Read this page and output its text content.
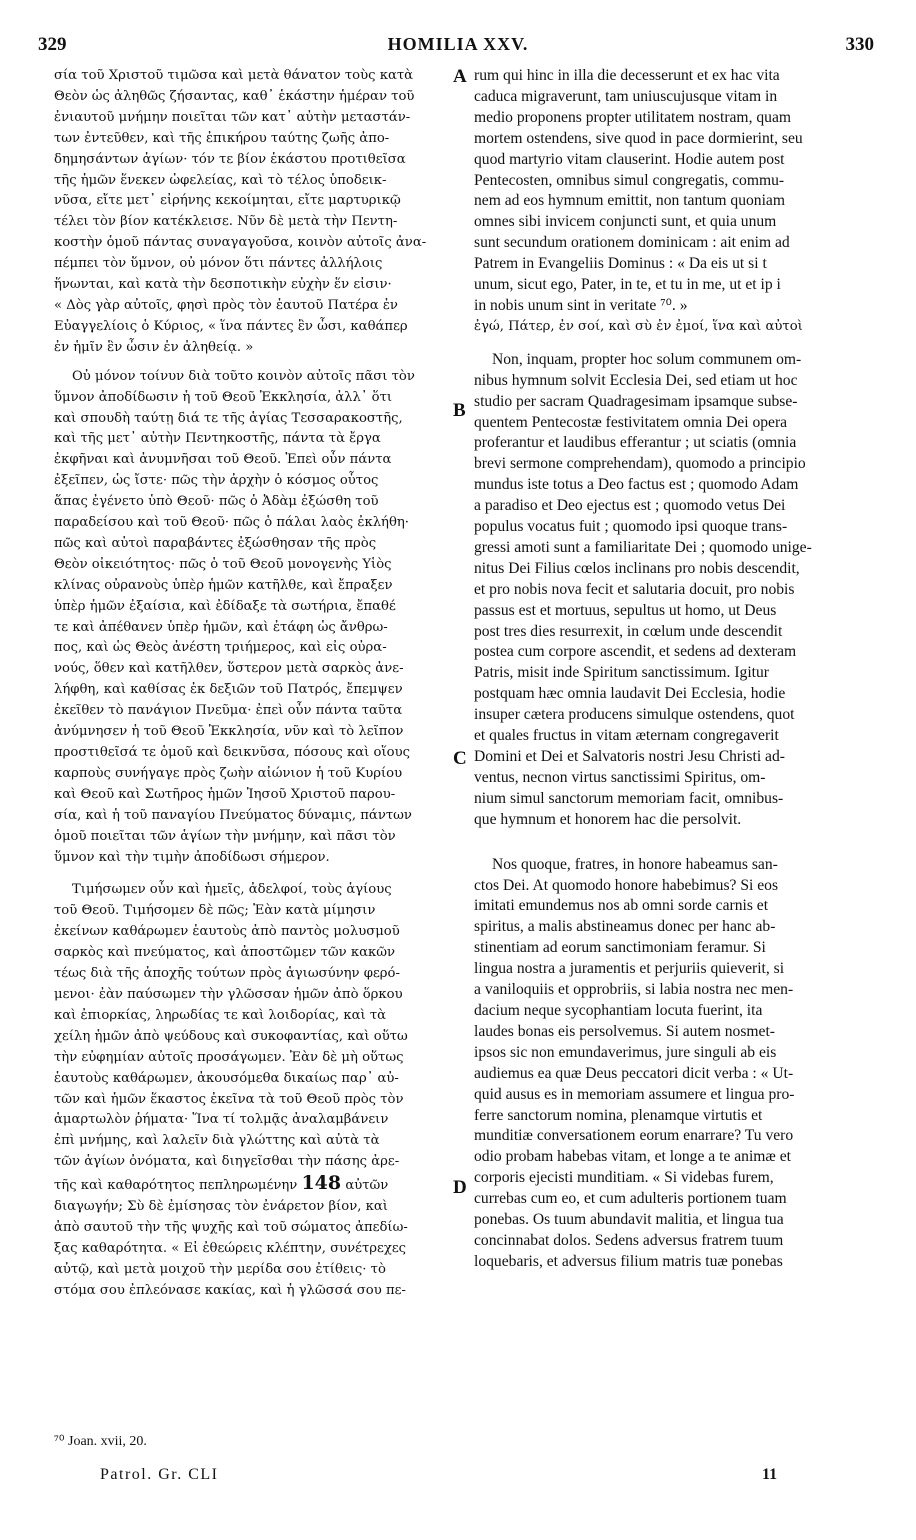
329	HOMILIA XXV.	330
σία τοῦ Χριστοῦ τιμῶσα καὶ μετὰ θάνατον τοὺς κατὰ
Θεὸν ὡς ἀληθῶς ζήσαντας, καθ᾽ ἑκάστην ἡμέραν τοῦ
ἐνιαυτοῦ μνήμην ποιεῖται τῶν κατ᾽ αὐτὴν μεταστάν-
των ἐντεῦθεν, καὶ τῆς ἐπικήρου ταύτης ζωῆς ἀπο-
δημησάντων ἁγίων· τόν τε βίον ἑκάστου προτιθεῖσα
τῆς ἡμῶν ἕνεκεν ὠφελείας, καὶ τὸ τέλος ὑποδεικ-
νῦσα, εἴτε μετ᾽ εἰρήνης κεκοίμηται, εἴτε μαρτυρικῷ
τέλει τὸν βίον κατέκλεισε. Νῦν δὲ μετὰ τὴν Πεντη-
κοστὴν ὁμοῦ πάντας συναγαγοῦσα, κοινὸν αὐτοῖς ἀνα-
πέμπει τὸν ὕμνον, οὐ μόνον ὅτι πάντες ἀλλήλοις
ἥνωνται, καὶ κατὰ τὴν δεσποτικὴν εὐχὴν ἕν εἰσιν·
« Δὸς γὰρ αὐτοῖς, φησὶ πρὸς τὸν ἑαυτοῦ Πατέρα ἐν
Εὐαγγελίοις ὁ Κύριος, « ἵνα πάντες ἓν ὦσι, καθάπερ
ἐν ἡμῖν ἓν ὦσιν ἐν ἀληθείᾳ. »
Οὐ μόνον τοίνυν διὰ τοῦτο κοινὸν αὐτοῖς πᾶσι τὸν
ὕμνον ἀποδίδωσιν ἡ τοῦ Θεοῦ Ἐκκλησία, ἀλλ᾽ ὅτι
καὶ σπουδὴ ταύτῃ διά τε τῆς ἁγίας Τεσσαρακοστῆς,
καὶ τῆς μετ᾽ αὐτὴν Πεντηκοστῆς, πάντα τὰ ἔργα
ἐκφῆναι καὶ ἀνυμνῆσαι τοῦ Θεοῦ. Ἐπεὶ οὖν πάντα
ἐξεῖπεν, ὡς ἴστε· πῶς τὴν ἀρχὴν ὁ κόσμος οὗτος
ἅπας ἐγένετο ὑπὸ Θεοῦ· πῶς ὁ Ἀδὰμ ἐξώσθη τοῦ
παραδείσου καὶ τοῦ Θεοῦ· πῶς ὁ πάλαι λαὸς ἐκλήθη·
πῶς καὶ αὐτοὶ παραβάντες ἐξώσθησαν τῆς πρὸς
Θεὸν οἰκειότητος· πῶς ὁ τοῦ Θεοῦ μονογενὴς Υἱὸς
κλίνας οὐρανοὺς ὑπὲρ ἡμῶν κατῆλθε, καὶ ἔπραξεν
ὑπὲρ ἡμῶν ἐξαίσια, καὶ ἐδίδαξε τὰ σωτήρια, ἔπαθέ
τε καὶ ἀπέθανεν ὑπὲρ ἡμῶν, καὶ ἐτάφη ὡς ἄνθρω-
πος, καὶ ὡς Θεὸς ἀνέστη τριήμερος, καὶ εἰς οὐρα-
νούς, ὅθεν καὶ κατῆλθεν, ὕστερον μετὰ σαρκὸς ἀνε-
λήφθη, καὶ καθίσας ἐκ δεξιῶν τοῦ Πατρός, ἔπεμψεν
ἐκεῖθεν τὸ πανάγιον Πνεῦμα· ἐπεὶ οὖν πάντα ταῦτα
ἀνύμνησεν ἡ τοῦ Θεοῦ Ἐκκλησία, νῦν καὶ τὸ λεῖπον
προστιθεῖσά τε ὁμοῦ καὶ δεικνῦσα, πόσους καὶ οἵους
καρποὺς συνήγαγε πρὸς ζωὴν αἰώνιον ἡ τοῦ Κυρίου
καὶ Θεοῦ καὶ Σωτῆρος ἡμῶν Ἰησοῦ Χριστοῦ παρου-
σία, καὶ ἡ τοῦ παναγίου Πνεύματος δύναμις, πάντων
ὁμοῦ ποιεῖται τῶν ἁγίων τὴν μνήμην, καὶ πᾶσι τὸν
ὕμνον καὶ τὴν τιμὴν ἀποδίδωσι σήμερον.
Τιμήσωμεν οὖν καὶ ἡμεῖς, ἀδελφοί, τοὺς ἁγίους
τοῦ Θεοῦ. Τιμήσομεν δὲ πῶς; Ἐὰν κατὰ μίμησιν
ἐκείνων καθάρωμεν ἑαυτοὺς ἀπὸ παντὸς μολυσμοῦ
σαρκὸς καὶ πνεύματος, καὶ ἀποστῶμεν τῶν κακῶν
τέως διὰ τῆς ἀποχῆς τούτων πρὸς ἁγιωσύνην φερό-
μενοι· ἐὰν παύσωμεν τὴν γλῶσσαν ἡμῶν ἀπὸ ὅρκου
καὶ ἐπιορκίας, ληρωδίας τε καὶ λοιδορίας, καὶ τὰ
χείλη ἡμῶν ἀπὸ ψεύδους καὶ συκοφαντίας, καὶ οὕτω
τὴν εὐφημίαν αὐτοῖς προσάγωμεν. Ἐὰν δὲ μὴ οὕτως
ἑαυτοὺς καθάρωμεν, ἀκουσόμεθα δικαίως παρ᾽ αὐ-
τῶν καὶ ἡμῶν ἕκαστος ἐκεῖνα τὰ τοῦ Θεοῦ πρὸς τὸν
ἁμαρτωλὸν ῥήματα· Ἵνα τί τολμᾷς ἀναλαμβάνειν
ἐπὶ μνήμης, καὶ λαλεῖν διὰ γλώττης καὶ αὐτὰ τὰ
τῶν ἁγίων ὀνόματα, καὶ διηγεῖσθαι τὴν πάσης ἀρε-
τῆς καὶ καθαρότητος πεπληρωμένην 148 αὐτῶν
διαγωγήν; Σὺ δὲ ἐμίσησας τὸν ἐνάρετον βίον, καὶ
ἀπὸ σαυτοῦ τὴν τῆς ψυχῆς καὶ τοῦ σώματος ἀπεδίω-
ξας καθαρότητα. « Εἰ ἐθεώρεις κλέπτην, συνέτρεχες
αὐτῷ, καὶ μετὰ μοιχοῦ τὴν μερίδα σου ἐτίθεις· τὸ
στόμα σου ἐπλεόνασε κακίας, καὶ ἡ γλῶσσά σου πε-
rum qui hinc in illa die decesserunt et ex hac vita
caduca migraverunt, tam uniuscujusque vitam in
medio proponens propter utilitatem nostram, quam
mortem ostendens, sive quod in pace dormierint, seu
quod martyrio vitam clauserint. Hodie autem post
Pentecosten, omnibus simul congregatis, commu-
nem ad eos hymnum emittit, non tantum quoniam
omnes sibi invicem conjuncti sunt, et quia unum
sunt secundum orationem dominicam : ait enim ad
Patrem in Evangeliis Dominus : « Da eis ut si t
unum, sicut ego, Pater, in te, et tu in me, ut et ip i
in nobis unum sint in veritate ⁷⁰. »
ἐγώ, Πάτερ, ἐν σοί, καὶ σὺ ἐν ἐμοί, ἵνα καὶ αὐτοὶ
Non, inquam, propter hoc solum communem om-
nibus hymnum solvit Ecclesia Dei, sed etiam ut hoc
studio per sacram Quadragesimam ipsamque subse-
quentem Pentecostæ festivitatem omnia Dei opera
proferantur et laudibus efferantur ; ut sciatis (omnia
brevi sermone comprehendam), quomodo a principio
mundus iste totus a Deo factus est ; quomodo Adam
a paradiso et Deo ejectus est ; quomodo vetus Dei
populus vocatus fuit ; quomodo ipsi quoque trans-
gressi amoti sunt a familiaritate Dei ; quomodo unige-
nitus Dei Filius cœlos inclinans pro nobis descendit,
et pro nobis nova fecit et salutaria docuit, pro nobis
passus est et mortuus, sepultus ut homo, ut Deus
post tres dies resurrexit, in cœlum unde descendit
postea cum corpore ascendit, et sedens ad dexteram
Patris, misit inde Spiritum sanctissimum. Igitur
postquam hæc omnia laudavit Dei Ecclesia, hodie
insuper cætera producens simulque ostendens, quot
et quales fructus in vitam æternam congregaverit
Domini et Dei et Salvatoris nostri Jesu Christi ad-
ventus, necnon virtus sanctissimi Spiritus, om-
nium simul sanctorum memoriam facit, omnibus-
que hymnum et honorem hac die persolvit.
Nos quoque, fratres, in honore habeamus san-
ctos Dei. At quomodo honore habebimus? Si eos
imitati emundemus nos ab omni sorde carnis et
spiritus, a malis abstineamus donec per hanc ab-
stinentiam ad eorum sanctimoniam feramur. Si
lingua nostra a juramentis et perjuriis quieverit, si
a vaniloquiis et opprobriis, si labia nostra nec men-
dacium neque sycophantiam locuta fuerint, ita
laudes bonas eis persolvemus. Si autem nosmet-
ipsos sic non emundaverimus, jure singuli ab eis
audiemus ea quæ Deus peccatori dicit verba : « Ut-
quid ausus es in memoriam assumere et lingua pro-
ferre sanctorum nomina, plenamque virtutis et
munditiæ conversationem eorum enarrare? Tu vero
odio probam habebas vitam, et longe a te animæ et
corporis ejecisti munditiam. « Si videbas furem,
currebas cum eo, et cum adulteris portionem tuam
ponebas. Os tuum abundavit malitia, et lingua tua
concinnabat dolos. Sedens adversus fratrem tuum
loquebaris, et adversus filium matris tuæ ponebas
A
B
C
D
⁷⁰ Joan. xvii, 20.
Patrol. Gr. CLI	11
